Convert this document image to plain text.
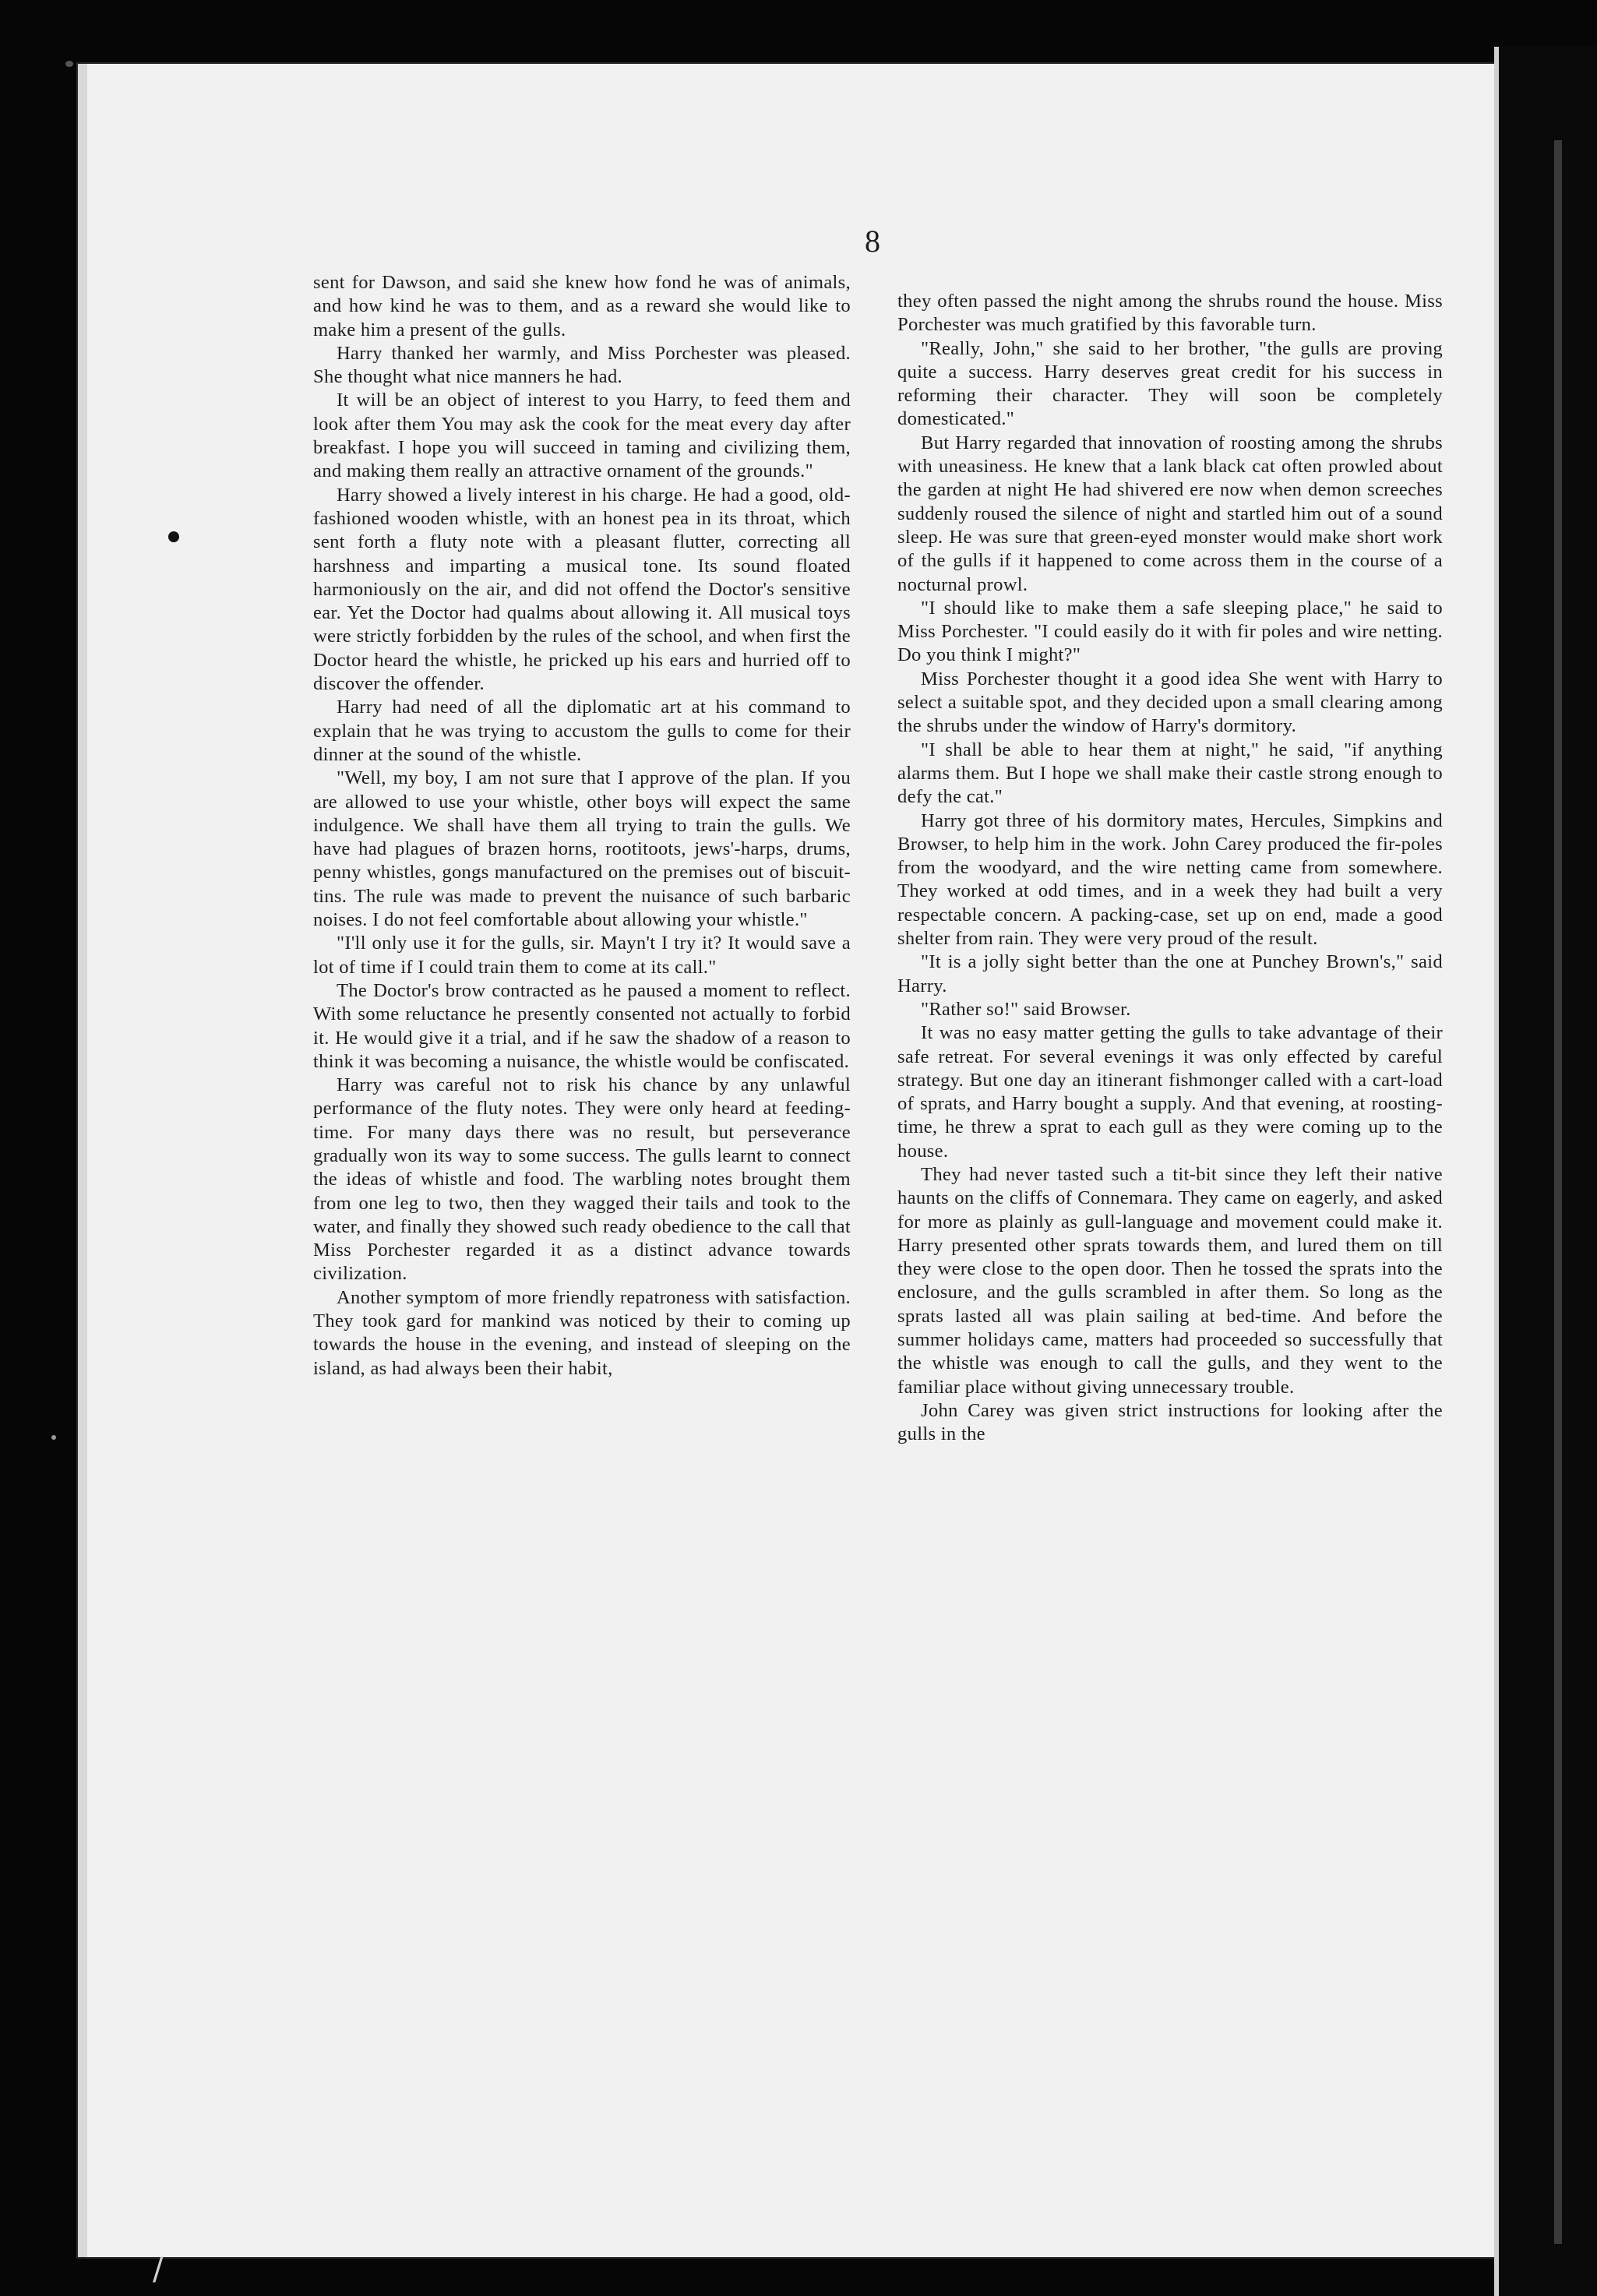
8

sent for Dawson, and said she knew how fond he was of animals, and how kind he was to them, and as a reward she would like to make him a present of the gulls.

Harry thanked her warmly, and Miss Porchester was pleased. She thought what nice manners he had.

It will be an object of interest to you Harry, to feed them and look after them You may ask the cook for the meat every day after breakfast. I hope you will succeed in taming and civilizing them, and making them really an attractive ornament of the grounds."

Harry showed a lively interest in his charge. He had a good, old-fashioned wooden whistle, with an honest pea in its throat, which sent forth a fluty note with a pleasant flutter, correcting all harshness and imparting a musical tone. Its sound floated harmoniously on the air, and did not offend the Doctor's sensitive ear. Yet the Doctor had qualms about allowing it. All musical toys were strictly forbidden by the rules of the school, and when first the Doctor heard the whistle, he pricked up his ears and hurried off to discover the offender.

Harry had need of all the diplomatic art at his command to explain that he was trying to accustom the gulls to come for their dinner at the sound of the whistle.

"Well, my boy, I am not sure that I approve of the plan. If you are allowed to use your whistle, other boys will expect the same indulgence. We shall have them all trying to train the gulls. We have had plagues of brazen horns, rootitoots, jews'-harps, drums, penny whistles, gongs manufactured on the premises out of biscuit-tins. The rule was made to prevent the nuisance of such barbaric noises. I do not feel comfortable about allowing your whistle."

"I'll only use it for the gulls, sir. Mayn't I try it? It would save a lot of time if I could train them to come at its call."

The Doctor's brow contracted as he paused a moment to reflect. With some reluctance he presently consented not actually to forbid it. He would give it a trial, and if he saw the shadow of a reason to think it was becoming a nuisance, the whistle would be confiscated.

Harry was careful not to risk his chance by any unlawful performance of the fluty notes. They were only heard at feeding-time. For many days there was no result, but perseverance gradually won its way to some success. The gulls learnt to connect the ideas of whistle and food. The warbling notes brought them from one leg to two, then they wagged their tails and took to the water, and finally they showed such ready obedience to the call that Miss Porchester regarded it as a distinct advance towards civilization.

Another symptom of more friendly repatroness with satisfaction. They took gard for mankind was noticed by their to coming up towards the house in the evening, and instead of sleeping on the island, as had always been their habit,

they often passed the night among the shrubs round the house. Miss Porchester was much gratified by this favorable turn.

"Really, John," she said to her brother, "the gulls are proving quite a success. Harry deserves great credit for his success in reforming their character. They will soon be completely domesticated."

But Harry regarded that innovation of roosting among the shrubs with uneasiness. He knew that a lank black cat often prowled about the garden at night He had shivered ere now when demon screeches suddenly roused the silence of night and startled him out of a sound sleep. He was sure that green-eyed monster would make short work of the gulls if it happened to come across them in the course of a nocturnal prowl.

"I should like to make them a safe sleeping place," he said to Miss Porchester. "I could easily do it with fir poles and wire netting. Do you think I might?"

Miss Porchester thought it a good idea She went with Harry to select a suitable spot, and they decided upon a small clearing among the shrubs under the window of Harry's dormitory.

"I shall be able to hear them at night," he said, "if anything alarms them. But I hope we shall make their castle strong enough to defy the cat."

Harry got three of his dormitory mates, Hercules, Simpkins and Browser, to help him in the work. John Carey produced the fir-poles from the woodyard, and the wire netting came from somewhere. They worked at odd times, and in a week they had built a very respectable concern. A packing-case, set up on end, made a good shelter from rain. They were very proud of the result.

"It is a jolly sight better than the one at Punchey Brown's," said Harry.

"Rather so!" said Browser.

It was no easy matter getting the gulls to take advantage of their safe retreat. For several evenings it was only effected by careful strategy. But one day an itinerant fishmonger called with a cart-load of sprats, and Harry bought a supply. And that evening, at roosting-time, he threw a sprat to each gull as they were coming up to the house.

They had never tasted such a tit-bit since they left their native haunts on the cliffs of Connemara. They came on eagerly, and asked for more as plainly as gull-language and movement could make it. Harry presented other sprats towards them, and lured them on till they were close to the open door. Then he tossed the sprats into the enclosure, and the gulls scrambled in after them. So long as the sprats lasted all was plain sailing at bed-time. And before the summer holidays came, matters had proceeded so successfully that the whistle was enough to call the gulls, and they went to the familiar place without giving unnecessary trouble.

John Carey was given strict instructions for looking after the gulls in the

/
